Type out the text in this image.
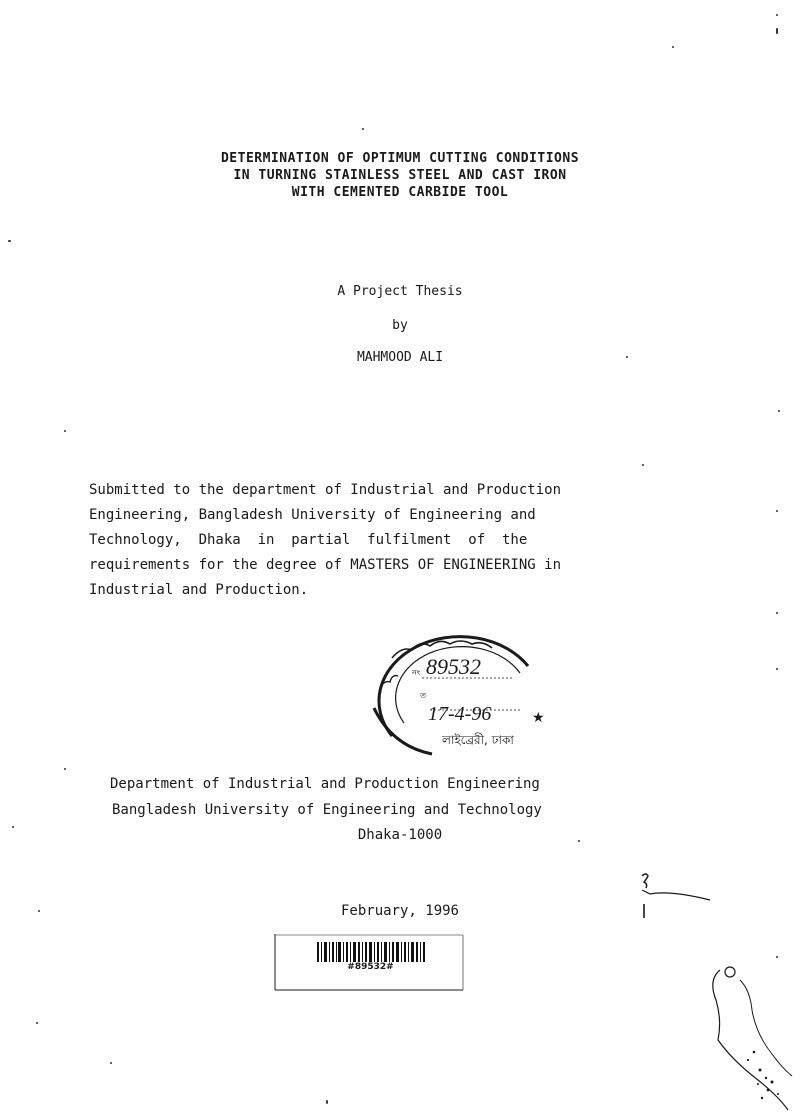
DETERMINATION OF OPTIMUM CUTTING CONDITIONS
IN TURNING STAINLESS STEEL AND CAST IRON
WITH CEMENTED CARBIDE TOOL
A Project Thesis
by
MAHMOOD ALI
Submitted to the department of Industrial and Production
Engineering, Bangladesh University of Engineering and
Technology,  Dhaka  in  partial  fulfilment  of  the
requirements for the degree of MASTERS OF ENGINEERING in
Industrial and Production.
নং
ত
লাইব্রেরী, ঢাকা
★
89532
17-4-96
Department of Industrial and Production Engineering
Bangladesh University of Engineering and Technology
Dhaka-1000
February, 1996
#89532#
